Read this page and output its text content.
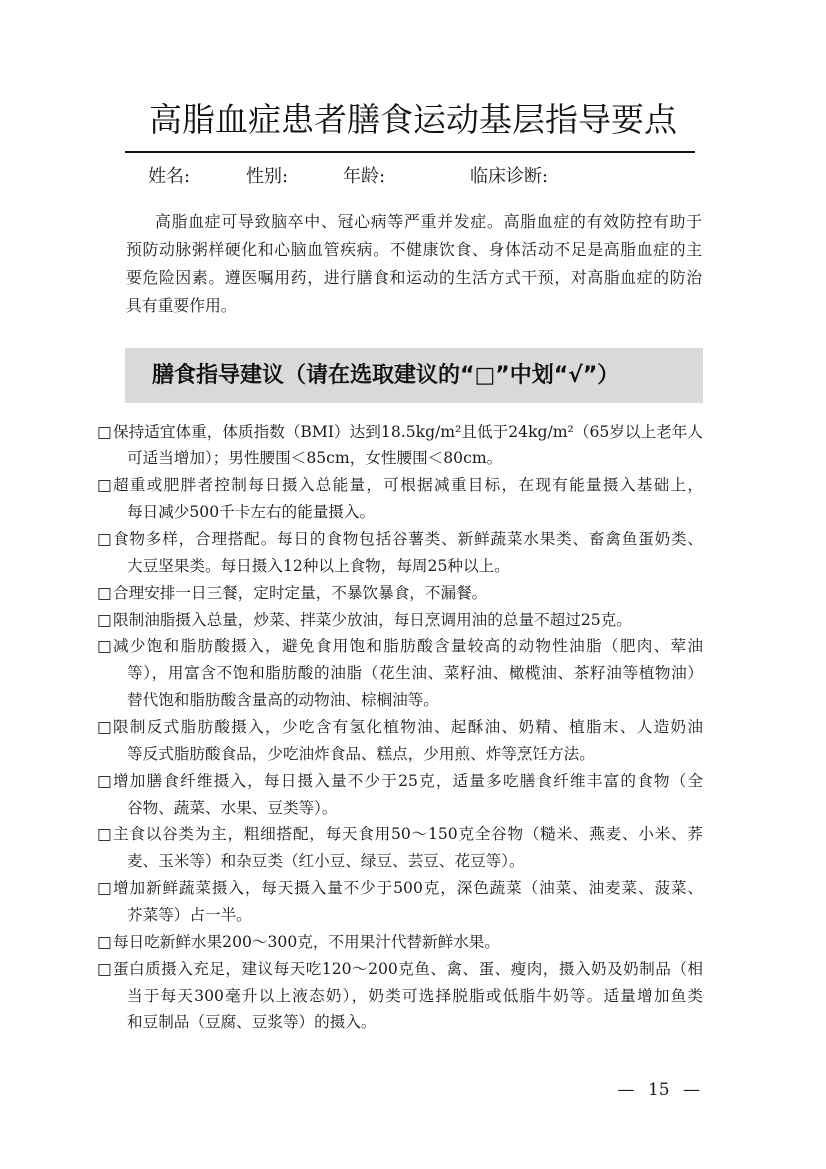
高脂血症患者膳食运动基层指导要点
姓名:	性别:	年龄:	临床诊断:
高脂血症可导致脑卒中、冠心病等严重并发症。高脂血症的有效防控有助于
预防动脉粥样硬化和心脑血管疾病。不健康饮食、身体活动不足是高脂血症的主
要危险因素。遵医嘱用药，进行膳食和运动的生活方式干预，对高脂血症的防治
具有重要作用。
膳食指导建议（请在选取建议的“□”中划“√”）
□ 保持适宜体重，体质指数（BMI）达到18.5kg/m²且低于24kg/m²（65岁以上老年人
可适当增加）；男性腰围＜85cm，女性腰围＜80cm。
□ 超重或肥胖者控制每日摄入总能量，可根据减重目标，在现有能量摄入基础上，
每日减少500千卡左右的能量摄入。
□ 食物多样，合理搭配。每日的食物包括谷薯类、新鲜蔬菜水果类、畜禽鱼蛋奶类、
大豆坚果类。每日摄入12种以上食物，每周25种以上。
□ 合理安排一日三餐，定时定量，不暴饮暴食，不漏餐。
□ 限制油脂摄入总量，炒菜、拌菜少放油，每日烹调用油的总量不超过25克。
□ 减少饱和脂肪酸摄入，避免食用饱和脂肪酸含量较高的动物性油脂（肥肉、荤油
等），用富含不饱和脂肪酸的油脂（花生油、菜籽油、橄榄油、茶籽油等植物油）
替代饱和脂肪酸含量高的动物油、棕榈油等。
□ 限制反式脂肪酸摄入，少吃含有氢化植物油、起酥油、奶精、植脂末、人造奶油
等反式脂肪酸食品，少吃油炸食品、糕点，少用煎、炸等烹饪方法。
□ 增加膳食纤维摄入，每日摄入量不少于25克，适量多吃膳食纤维丰富的食物（全
谷物、蔬菜、水果、豆类等）。
□ 主食以谷类为主，粗细搭配，每天食用50～150克全谷物（糙米、燕麦、小米、荞
麦、玉米等）和杂豆类（红小豆、绿豆、芸豆、花豆等）。
□ 增加新鲜蔬菜摄入，每天摄入量不少于500克，深色蔬菜（油菜、油麦菜、菠菜、
芥菜等）占一半。
□ 每日吃新鲜水果200～300克，不用果汁代替新鲜水果。
□ 蛋白质摄入充足，建议每天吃120～200克鱼、禽、蛋、瘦肉，摄入奶及奶制品（相
当于每天300毫升以上液态奶），奶类可选择脱脂或低脂牛奶等。适量增加鱼类
和豆制品（豆腐、豆浆等）的摄入。
— 15 —
